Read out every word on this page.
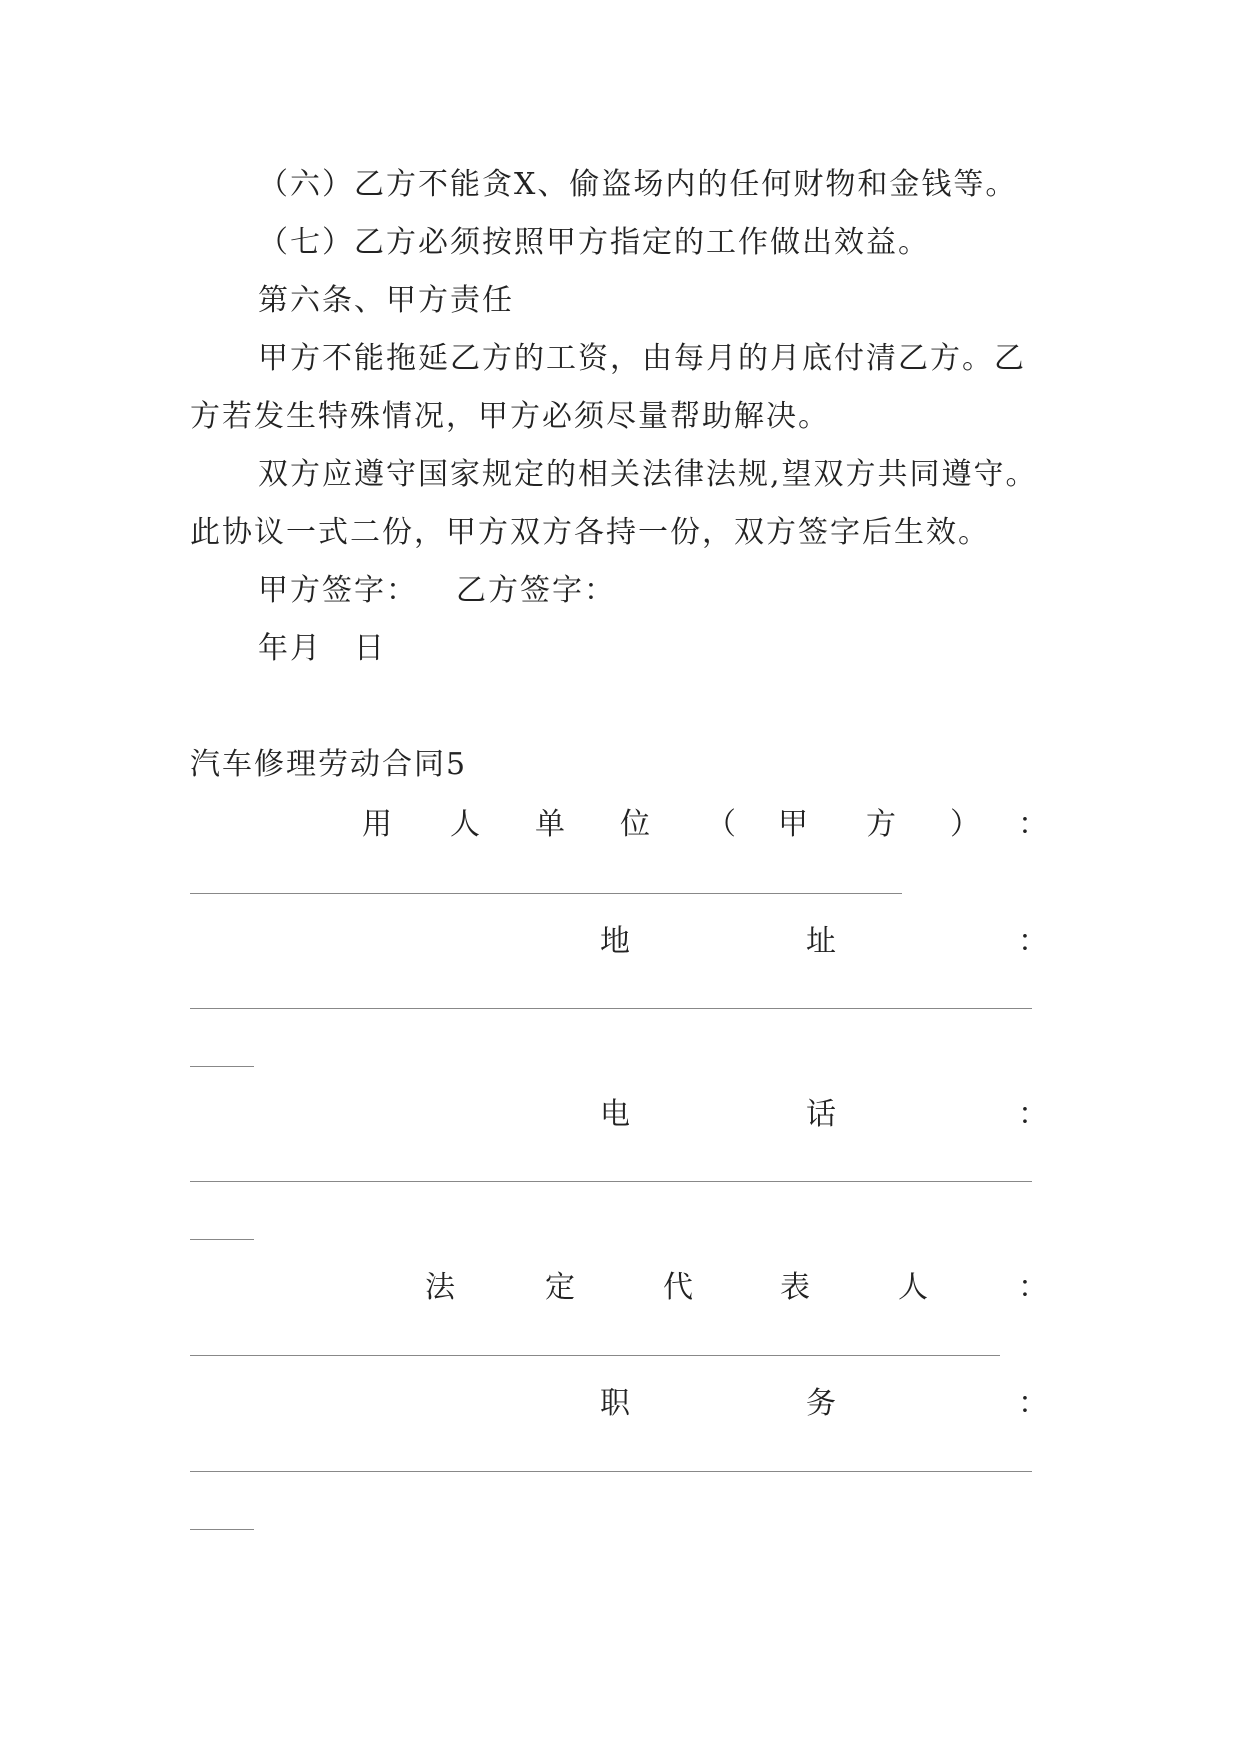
（六）乙方不能贪X、偷盗场内的任何财物和金钱等。
（七）乙方必须按照甲方指定的工作做出效益。
第六条、甲方责任
甲方不能拖延乙方的工资，由每月的月底付清乙方。乙
方若发生特殊情况，甲方必须尽量帮助解决。
双方应遵守国家规定的相关法律法规,望双方共同遵守。
此协议一式二份，甲方双方各持一份，双方签字后生效。
甲方签字： 乙方签字：
年月　日
汽车修理劳动合同5
用 人 单 位 （ 甲 方 ） ：
地	址	：
电	话	：
法	定	代	表	人	：
职	务	：
